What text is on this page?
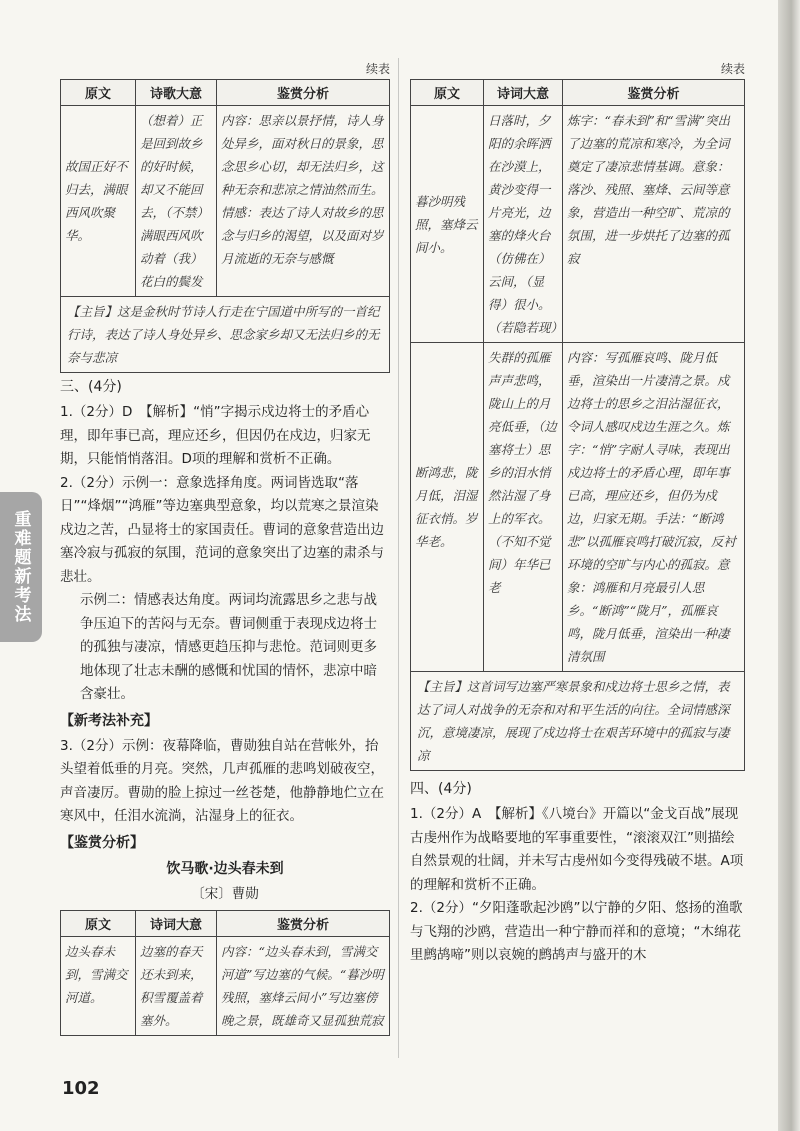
重难题新考法
续表
原文	诗歌大意	鉴赏分析
故国正好不归去，满眼西风吹聚华。	（想着）正是回到故乡的好时候，却又不能回去，（不禁）满眼西风吹动着（我）花白的鬓发	内容：思亲以景抒情，诗人身处异乡，面对秋日的景象，思念思乡心切，却无法归乡，这种无奈和悲凉之情油然而生。情感：表达了诗人对故乡的思念与归乡的渴望，以及面对岁月流逝的无奈与感慨
【主旨】这是金秋时节诗人行走在宁国道中所写的一首纪行诗，表达了诗人身处异乡、思念家乡却又无法归乡的无奈与悲凉
三、(4分)

1.（2分）D　【解析】“悄”字揭示戍边将士的矛盾心理，即年事已高，理应还乡，但因仍在戍边，归家无期，只能悄悄落泪。D项的理解和赏析不正确。

2.（2分）示例一：意象选择角度。两词皆选取“落日”“烽烟”“鸿雁”等边塞典型意象，均以荒寒之景渲染戍边之苦，凸显将士的家国责任。曹词的意象营造出边塞冷寂与孤寂的氛围，范词的意象突出了边塞的肃杀与悲壮。

示例二：情感表达角度。两词均流露思乡之悲与战争压迫下的苦闷与无奈。曹词侧重于表现戍边将士的孤独与凄凉，情感更趋压抑与悲怆。范词则更多地体现了壮志未酬的感慨和忧国的情怀，悲凉中暗含豪壮。

【新考法补充】

3.（2分）示例：夜幕降临，曹勋独自站在营帐外，抬头望着低垂的月亮。突然，几声孤雁的悲鸣划破夜空，声音凄厉。曹勋的脸上掠过一丝苍楚，他静静地伫立在寒风中，任泪水流淌，沾湿身上的征衣。

【鉴赏分析】
饮马歌·边头春未到
〔宋〕曹勋
原文	诗词大意	鉴赏分析
边头春未到，雪满交河道。	边塞的春天还未到来，积雪覆盖着塞外。	内容：“边头春未到，雪满交河道”写边塞的气候。“暮沙明残照，塞烽云间小”写边塞傍晚之景，既雄奇又显孤独荒寂
续表
原文	诗词大意	鉴赏分析
暮沙明残照，塞烽云间小。	日落时，夕阳的余晖洒在沙漠上，黄沙变得一片亮光，边塞的烽火台（仿佛在）云间，（显得）很小。（若隐若现）	炼字：“春未到”和“雪满”突出了边塞的荒凉和寒冷，为全词奠定了凄凉悲情基调。意象：落沙、残照、塞烽、云间等意象，营造出一种空旷、荒凉的氛围，进一步烘托了边塞的孤寂
断鸿悲，陇月低，泪湿征衣悄。岁华老。	失群的孤雁声声悲鸣，陇山上的月亮低垂，（边塞将士）思乡的泪水悄然沾湿了身上的军衣。（不知不觉间）年华已老	内容：写孤雁哀鸣、陇月低垂，渲染出一片凄清之景。戍边将士的思乡之泪沾湿征衣，令词人感叹戍边生涯之久。炼字：“悄”字耐人寻味，表现出戍边将士的矛盾心理，即年事已高，理应还乡，但仍为戍边，归家无期。手法：“断鸿悲”以孤雁哀鸣打破沉寂，反衬环境的空旷与内心的孤寂。意象：鸿雁和月亮最引人思乡。“断鸿”“陇月”，孤雁哀鸣，陇月低垂，渲染出一种凄清氛围
【主旨】这首词写边塞严寒景象和戍边将士思乡之情，表达了词人对战争的无奈和对和平生活的向往。全词情感深沉，意境凄凉，展现了戍边将士在艰苦环境中的孤寂与凄凉
四、(4分)

1.（2分）A　【解析】《八境台》开篇以“金戈百战”展现古虔州作为战略要地的军事重要性，“滚滚双江”则描绘自然景观的壮阔，并未写古虔州如今变得残破不堪。A项的理解和赏析不正确。

2.（2分）“夕阳蓬歌起沙鸥”以宁静的夕阳、悠扬的渔歌与飞翔的沙鸥，营造出一种宁静而祥和的意境；“木绵花里鹧鸪啼”则以哀婉的鹧鸪声与盛开的木

102
